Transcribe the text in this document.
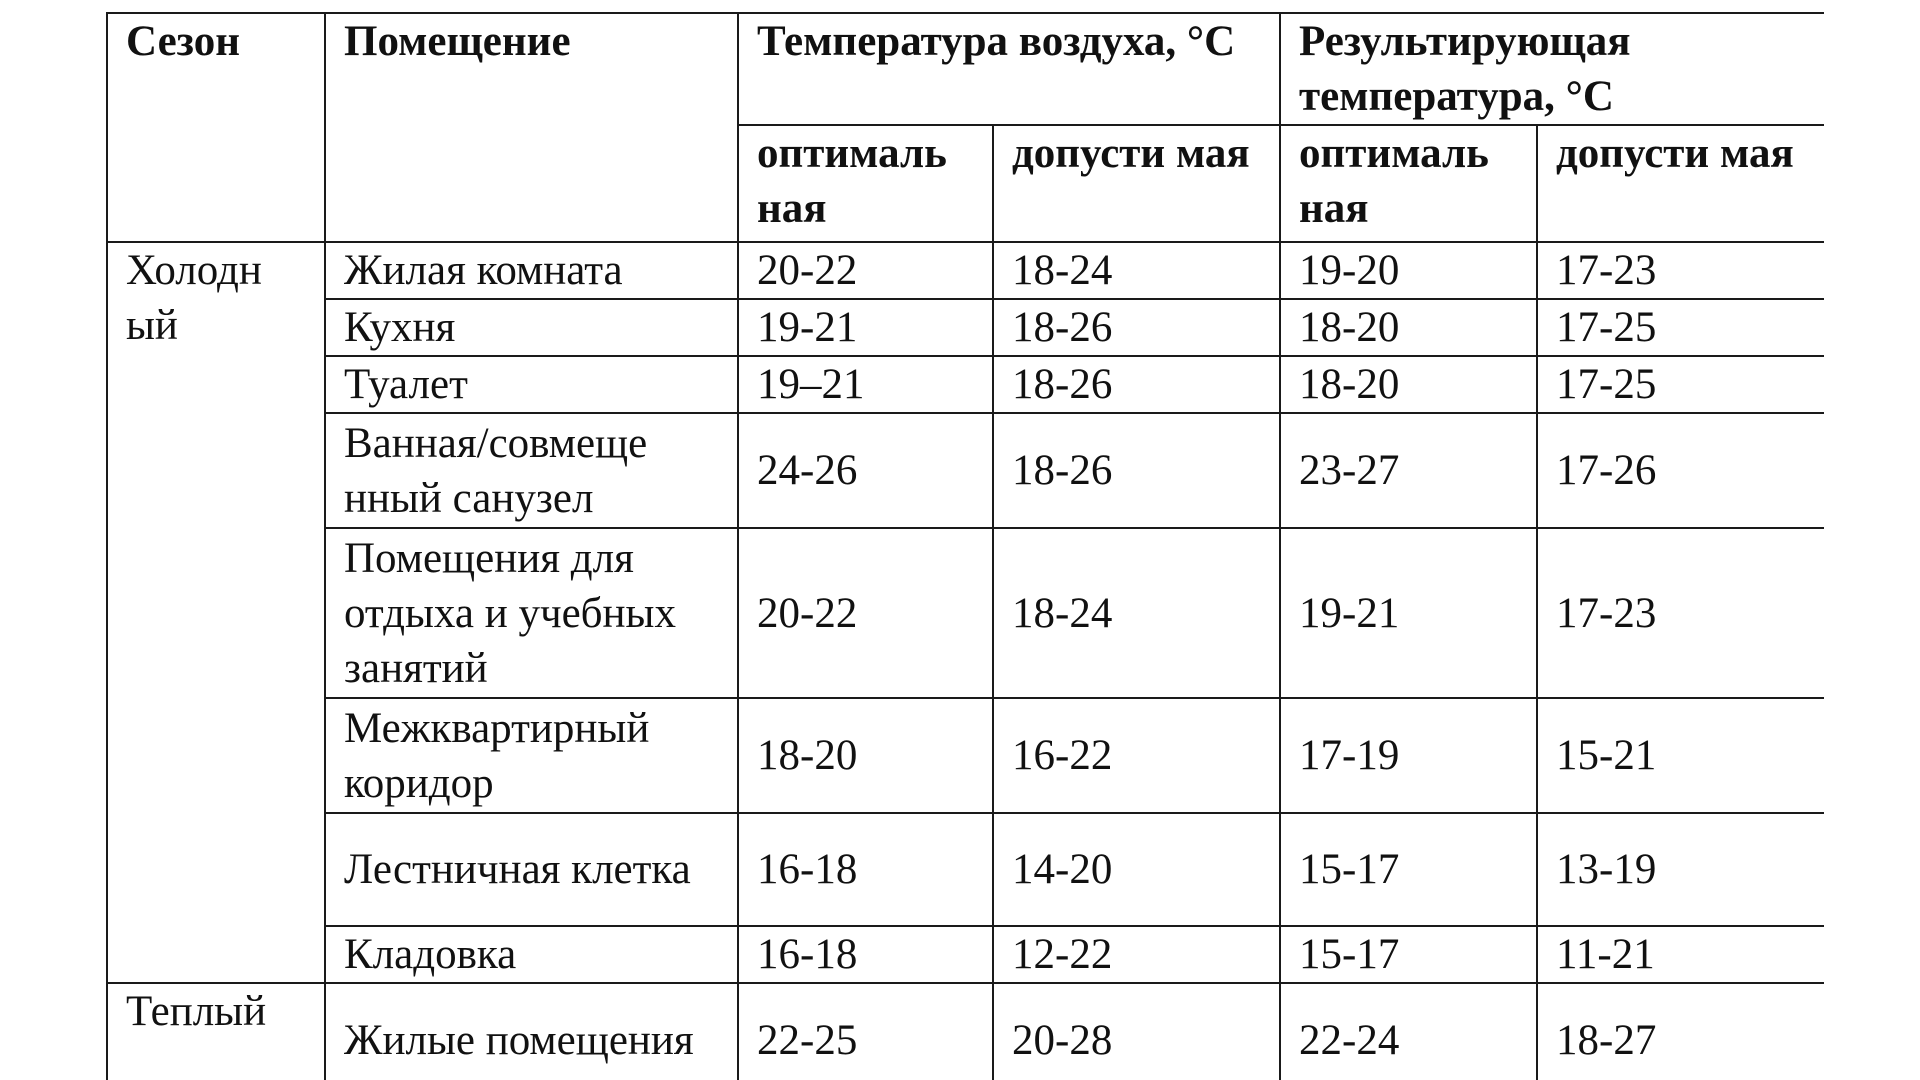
Сезон	Помещение	Температура воздуха, °С		Результирующая температура, °С	
		оптималь ная	допусти мая	оптималь ная	допусти мая
Холодн ый	Жилая комната	20-22	18-24	19-20	17-23
	Кухня	19-21	18-26	18-20	17-25
	Туалет	19–21	18-26	18-20	17-25
	Ванная/совмеще нный санузел	24-26	18-26	23-27	17-26
	Помещения для отдыха и учебных занятий	20-22	18-24	19-21	17-23
	Межквартирный коридор	18-20	16-22	17-19	15-21
	Лестничная клетка	16-18	14-20	15-17	13-19
	Кладовка	16-18	12-22	15-17	11-21
Теплый	Жилые помещения	22-25	20-28	22-24	18-27
